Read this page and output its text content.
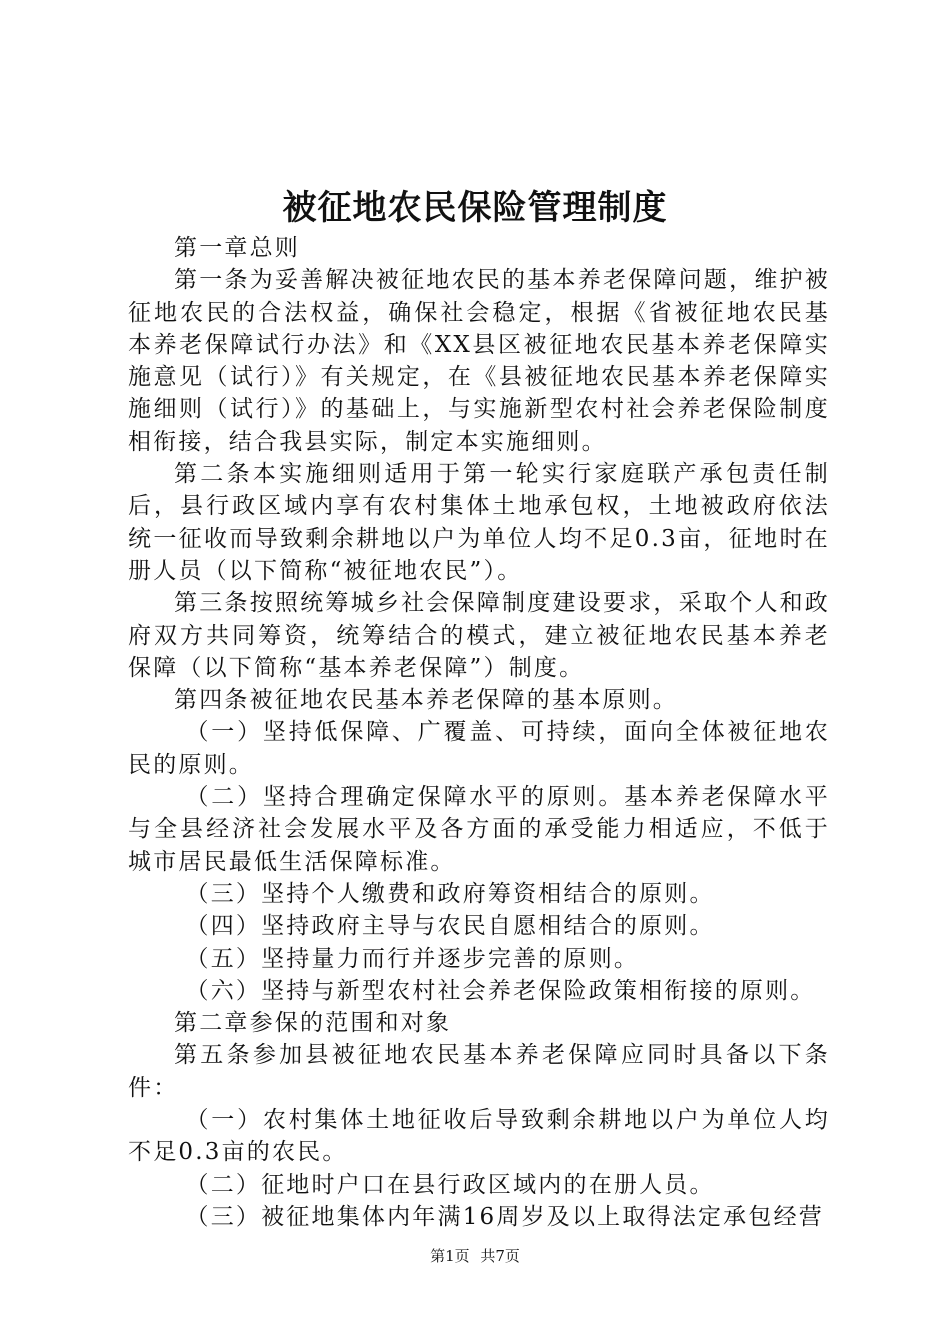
被征地农民保险管理制度

第一章总则

第一条为妥善解决被征地农民的基本养老保障问题，维护被征地农民的合法权益，确保社会稳定，根据《省被征地农民基本养老保障试行办法》和《XX县区被征地农民基本养老保障实施意见（试行）》有关规定，在《县被征地农民基本养老保障实施细则（试行）》的基础上，与实施新型农村社会养老保险制度相衔接，结合我县实际，制定本实施细则。

第二条本实施细则适用于第一轮实行家庭联产承包责任制后，县行政区域内享有农村集体土地承包权，土地被政府依法统一征收而导致剩余耕地以户为单位人均不足0.3亩，征地时在册人员（以下简称“被征地农民”）。

第三条按照统筹城乡社会保障制度建设要求，采取个人和政府双方共同筹资，统筹结合的模式，建立被征地农民基本养老保障（以下简称“基本养老保障”）制度。

第四条被征地农民基本养老保障的基本原则。

（一）坚持低保障、广覆盖、可持续，面向全体被征地农民的原则。

（二）坚持合理确定保障水平的原则。基本养老保障水平与全县经济社会发展水平及各方面的承受能力相适应，不低于城市居民最低生活保障标准。

（三）坚持个人缴费和政府筹资相结合的原则。

（四）坚持政府主导与农民自愿相结合的原则。

（五）坚持量力而行并逐步完善的原则。

（六）坚持与新型农村社会养老保险政策相衔接的原则。

第二章参保的范围和对象

第五条参加县被征地农民基本养老保障应同时具备以下条件：

（一）农村集体土地征收后导致剩余耕地以户为单位人均不足0.3亩的农民。

（二）征地时户口在县行政区域内的在册人员。

（三）被征地集体内年满16周岁及以上取得法定承包经营

第1页 共7页
